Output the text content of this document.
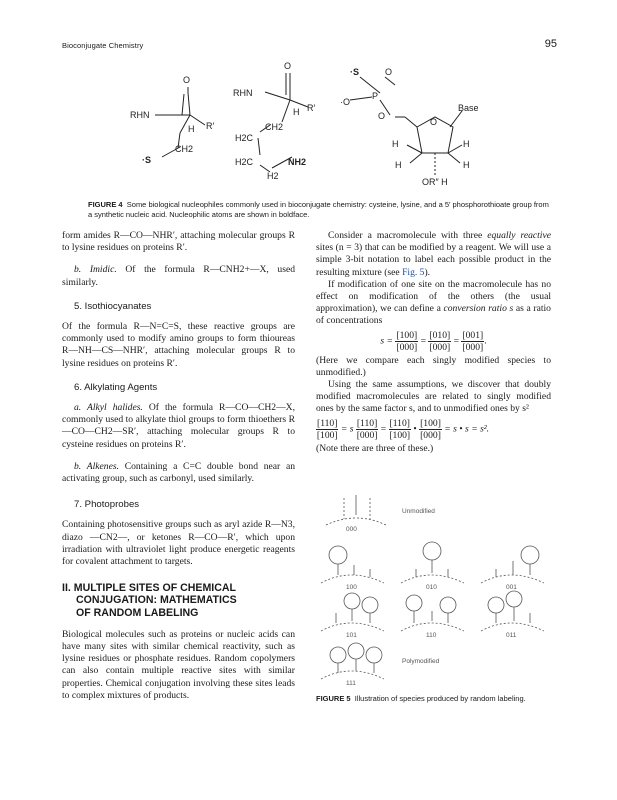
Bioconjugate Chemistry	95
RHN
O
R′
H
CH2
·S
RHN
O
R′
H
CH2
H2C
H2C	NH2
H2
·S	O
P
·O
O
O
Base
H
H
H
H
OR″ H
FIGURE 4 Some biological nucleophiles commonly used in bioconjugate chemistry: cysteine, lysine, and a 5′ phosphorothioate group from a synthetic nucleic acid. Nucleophilic atoms are shown in boldface.

form amides R—CO—NHR′, attaching molecular groups R to lysine residues on proteins R′.

b. Imidic. Of the formula R—CNH2+—X, used similarly.

5. Isothiocyanates

Of the formula R—N=C=S, these reactive groups are commonly used to modify amino groups to form thioureas R—NH—CS—NHR′, attaching molecular groups R to lysine residues on proteins R′.

6. Alkylating Agents

a. Alkyl halides. Of the formula R—CO—CH2—X, commonly used to alkylate thiol groups to form thioethers R—CO—CH2—SR′, attaching molecular groups R to cysteine residues on proteins R′.

b. Alkenes. Containing a C=C double bond near an activating group, such as carbonyl, used similarly.

7. Photoprobes

Containing photosensitive groups such as aryl azide R—N3, diazo —CN2—, or ketones R—CO—R′, which upon irradiation with ultraviolet light produce energetic reagents for covalent attachment to targets.

II. MULTIPLE SITES OF CHEMICAL

CONJUGATION: MATHEMATICS

OF RANDOM LABELING

Biological molecules such as proteins or nucleic acids can have many sites with similar chemical reactivity, such as lysine residues or phosphate residues. Random copolymers can also contain multiple reactive sites with similar properties. Chemical conjugation involving these sites leads to complex mixtures of products.

Consider a macromolecule with three equally reactive sites (n = 3) that can be modified by a reagent. We will use a simple 3-bit notation to label each possible product in the resulting mixture (see Fig. 5).

If modification of one site on the macromolecule has no effect on modification of the others (the usual approximation), we can define a conversion ratio s as a ratio of concentrations

$s = \frac{[100]}{[000]} = \frac{[010]}{[000]} = \frac{[001]}{[000]}$ .

(Here we compare each singly modified species to unmodified.)

Using the same assumptions, we discover that doubly modified macromolecules are related to singly modified ones by the same factor s, and to unmodified ones by s²

$\frac{[110]}{[100]} = s \frac{[110]}{[000]} = \frac{[110]}{[100]}$ • $\frac{[100]}{[000]} = s$ • s = s².

(Note there are three of these.)

000
Unmodified
100	010	001
101	110	011
111
Polymodified
FIGURE 5 Illustration of species produced by random labeling.
